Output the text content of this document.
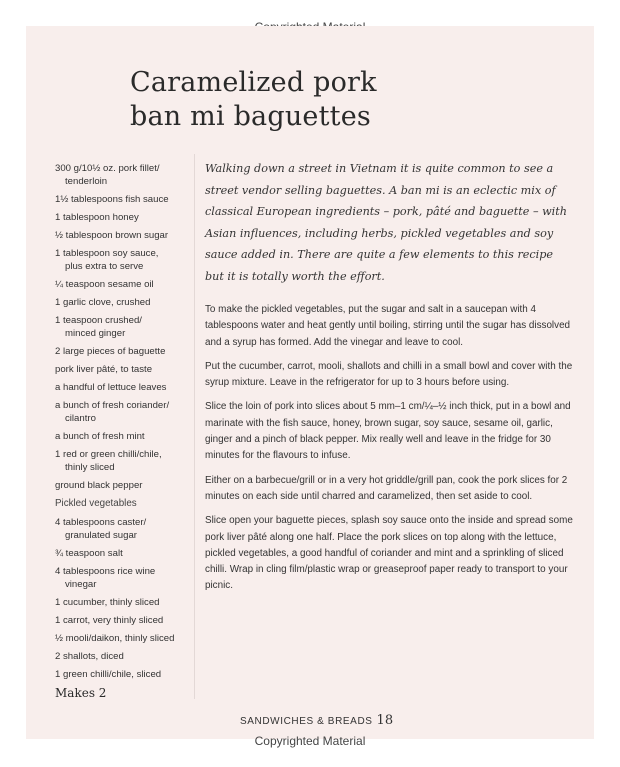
Caramelized pork
ban mi baguettes
300 g/10½ oz. pork fillet/
tenderloin
1½ tablespoons fish sauce
1 tablespoon honey
½ tablespoon brown sugar
1 tablespoon soy sauce,
plus extra to serve
¼ teaspoon sesame oil
1 garlic clove, crushed
1 teaspoon crushed/
minced ginger
2 large pieces of baguette
pork liver pâté, to taste
a handful of lettuce leaves
a bunch of fresh coriander/
cilantro
a bunch of fresh mint
1 red or green chilli/chile,
thinly sliced
ground black pepper
Pickled vegetables
4 tablespoons caster/
granulated sugar
¾ teaspoon salt
4 tablespoons rice wine
vinegar
1 cucumber, thinly sliced
1 carrot, very thinly sliced
½ mooli/daikon, thinly sliced
2 shallots, diced
1 green chilli/chile, sliced
Makes 2
Walking down a street in Vietnam it is quite common to see a street vendor selling baguettes. A ban mi is an eclectic mix of classical European ingredients – pork, pâté and baguette – with Asian influences, including herbs, pickled vegetables and soy sauce added in. There are quite a few elements to this recipe but it is totally worth the effort.

To make the pickled vegetables, put the sugar and salt in a saucepan with 4 tablespoons water and heat gently until boiling, stirring until the sugar has dissolved and a syrup has formed. Add the vinegar and leave to cool.

Put the cucumber, carrot, mooli, shallots and chilli in a small bowl and cover with the syrup mixture. Leave in the refrigerator for up to 3 hours before using.

Slice the loin of pork into slices about 5 mm–1 cm/¼–½ inch thick, put in a bowl and marinate with the fish sauce, honey, brown sugar, soy sauce, sesame oil, garlic, ginger and a pinch of black pepper. Mix really well and leave in the fridge for 30 minutes for the flavours to infuse.

Either on a barbecue/grill or in a very hot griddle/grill pan, cook the pork slices for 2 minutes on each side until charred and caramelized, then set aside to cool.

Slice open your baguette pieces, splash soy sauce onto the inside and spread some pork liver pâté along one half. Place the pork slices on top along with the lettuce, pickled vegetables, a good handful of coriander and mint and a sprinkling of sliced chilli. Wrap in cling film/plastic wrap or greaseproof paper ready to transport to your picnic.

SANDWICHES & BREADS 18
Copyrighted Material
